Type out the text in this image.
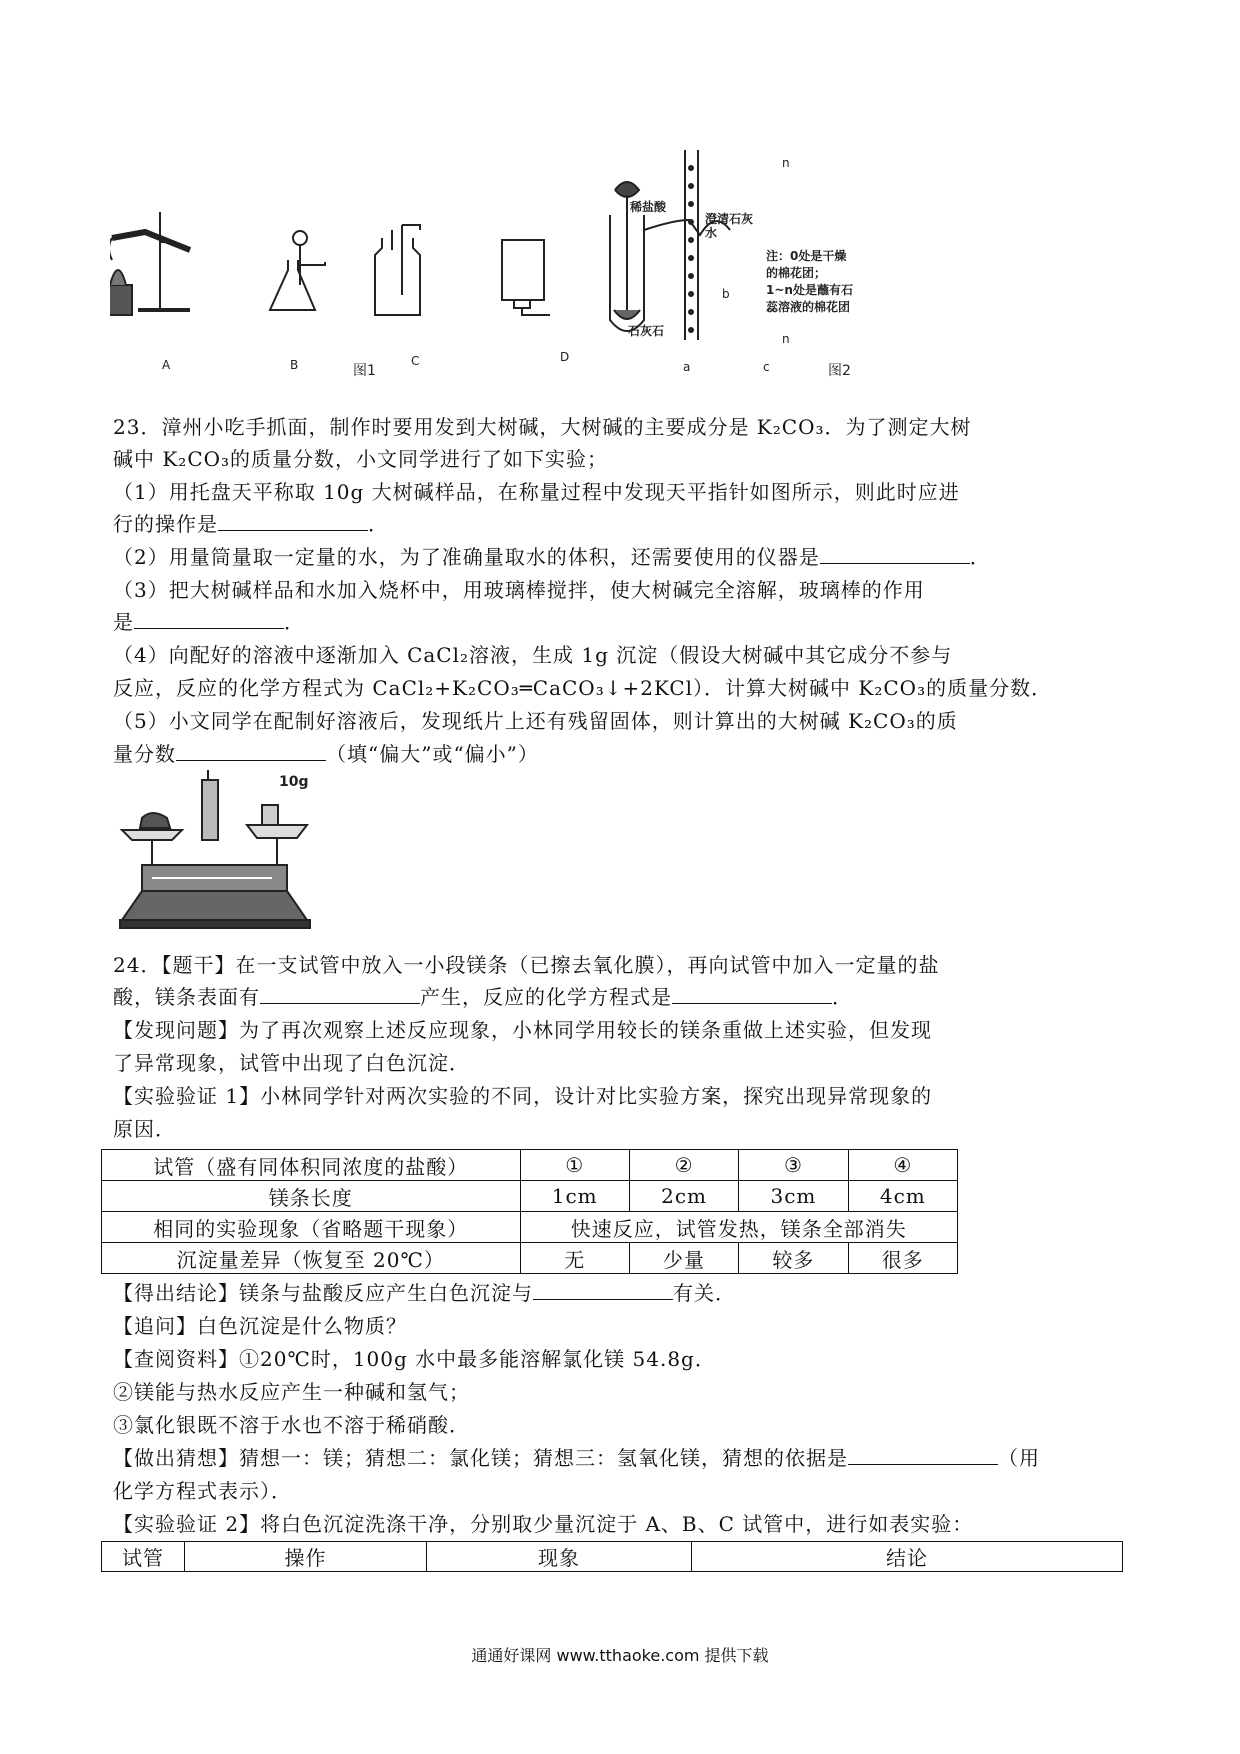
A	B	图1
C	D
稀盐酸
澄清石灰水
石灰石
注：0处是干燥
的棉花团；
1~n处是蘸有石
蕊溶液的棉花团
a
b
c	图2
n
n
23．漳州小吃手抓面，制作时要用发到大树碱，大树碱的主要成分是 K₂CO₃．为了测定大树
碱中 K₂CO₃的质量分数，小文同学进行了如下实验；
（1）用托盘天平称取 10g 大树碱样品，在称量过程中发现天平指针如图所示，则此时应进
行的操作是	．
（2）用量筒量取一定量的水，为了准确量取水的体积，还需要使用的仪器是	．
（3）把大树碱样品和水加入烧杯中，用玻璃棒搅拌，使大树碱完全溶解，玻璃棒的作用
是	．
（4）向配好的溶液中逐渐加入 CaCl₂溶液，生成 1g 沉淀（假设大树碱中其它成分不参与
反应，反应的化学方程式为 CaCl₂+K₂CO₃═CaCO₃↓+2KCl）．计算大树碱中 K₂CO₃的质量分数．
（5）小文同学在配制好溶液后，发现纸片上还有残留固体，则计算出的大树碱 K₂CO₃的质
量分数	（填“偏大”或“偏小”）
10g
24．【题干】在一支试管中放入一小段镁条（已擦去氧化膜），再向试管中加入一定量的盐
酸，镁条表面有	产生，反应的化学方程式是	．
【发现问题】为了再次观察上述反应现象，小林同学用较长的镁条重做上述实验，但发现
了异常现象，试管中出现了白色沉淀．
【实验验证 1】小林同学针对两次实验的不同，设计对比实验方案，探究出现异常现象的
原因．
试管（盛有同体积同浓度的盐酸）	①	②	③	④
镁条长度	1cm	2cm	3cm	4cm
相同的实验现象（省略题干现象）	快速反应，试管发热，镁条全部消失			
沉淀量差异（恢复至 20℃）	无	少量	较多	很多
【得出结论】镁条与盐酸反应产生白色沉淀与	有关．
【追问】白色沉淀是什么物质？
【查阅资料】①20℃时，100g 水中最多能溶解氯化镁 54.8g．
②镁能与热水反应产生一种碱和氢气；
③氯化银既不溶于水也不溶于稀硝酸．
【做出猜想】猜想一：镁；猜想二：氯化镁；猜想三：氢氧化镁，猜想的依据是	（用
化学方程式表示）．
【实验验证 2】将白色沉淀洗涤干净，分别取少量沉淀于 A、B、C 试管中，进行如表实验：
试管	操作	现象	结论
通通好课网 www.tthaoke.com 提供下载
